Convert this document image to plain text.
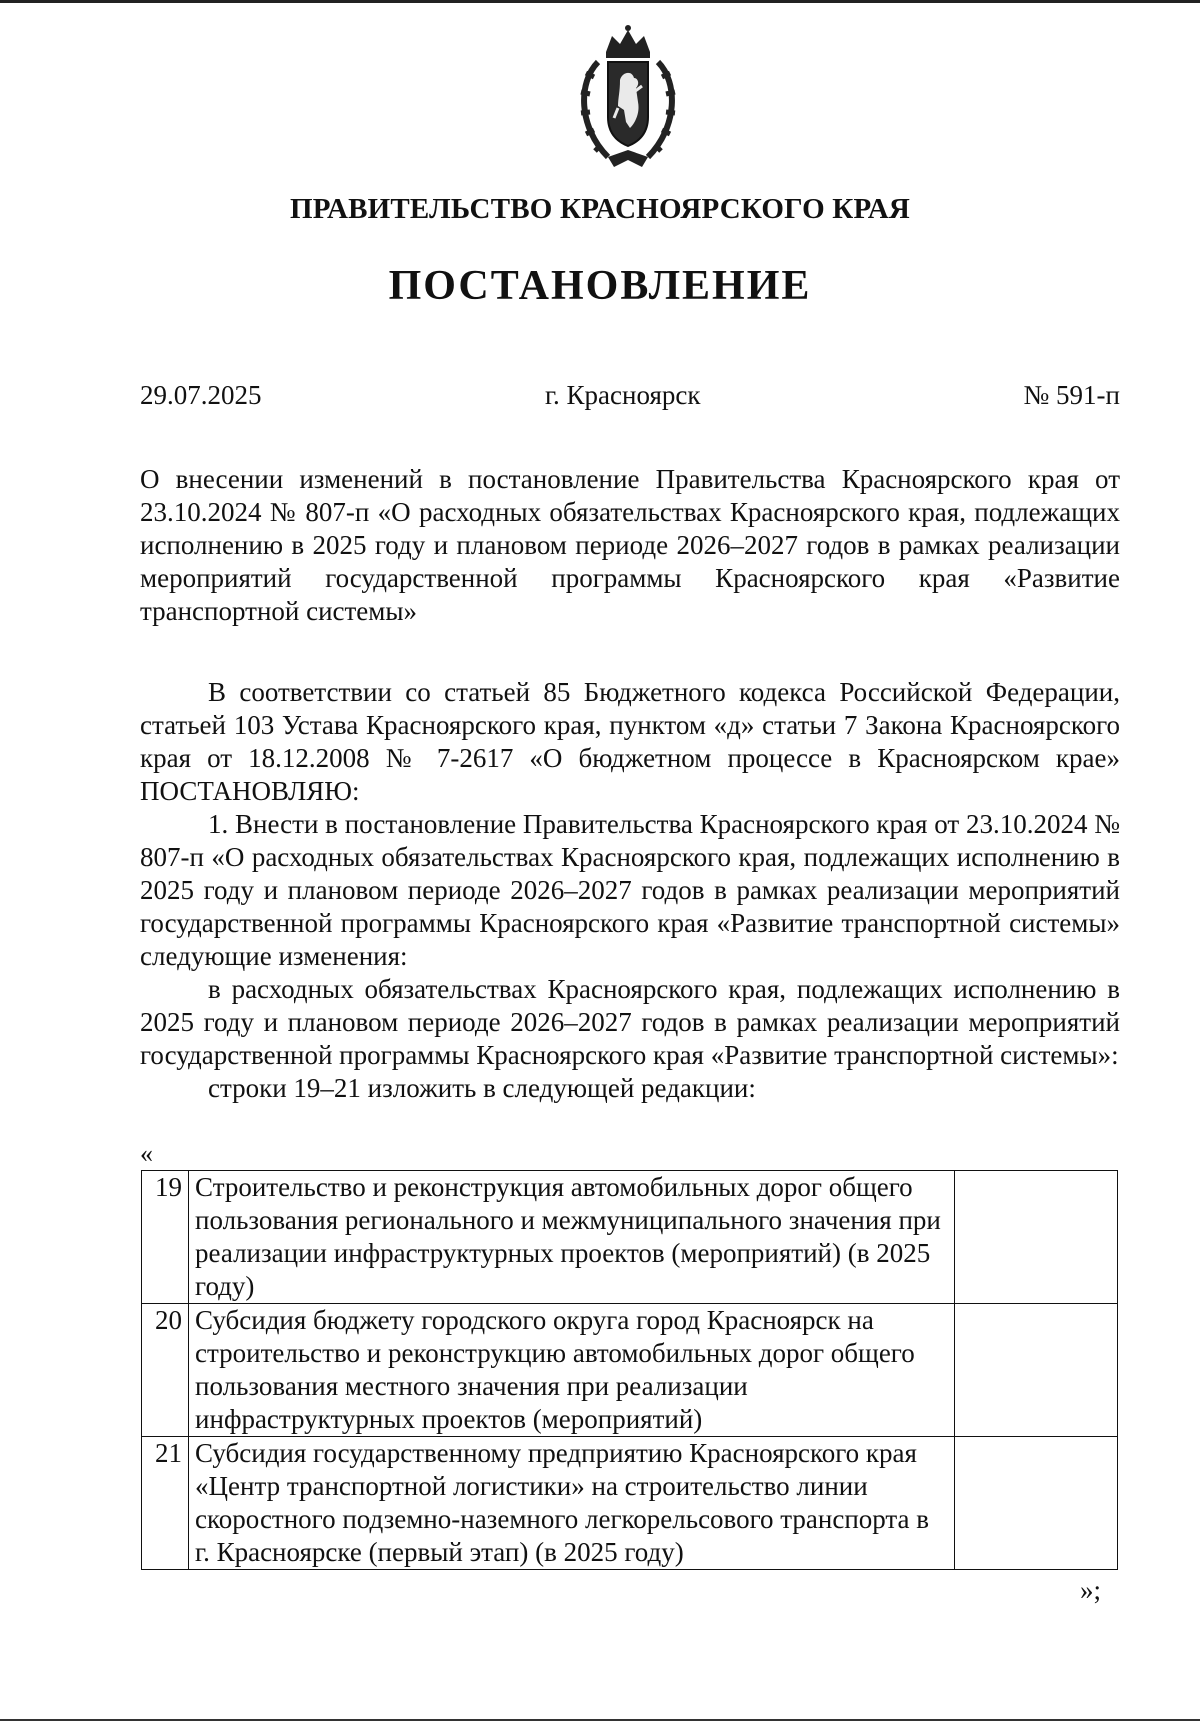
ПРАВИТЕЛЬСТВО КРАСНОЯРСКОГО КРАЯ
ПОСТАНОВЛЕНИЕ
29.07.2025	г. Красноярск	№ 591-п
О внесении изменений в постановление Правительства Красноярского края от 23.10.2024 № 807-п «О расходных обязательствах Красноярского края, подлежащих исполнению в 2025 году и плановом периоде 2026–2027 годов в рамках реализации мероприятий государственной программы Красноярского края «Развитие транспортной системы»

В соответствии со статьей 85 Бюджетного кодекса Российской Федерации, статьей 103 Устава Красноярского края, пунктом «д» статьи 7 Закона Красноярского края от 18.12.2008 № 7-2617 «О бюджетном процессе в Красноярском крае» ПОСТАНОВЛЯЮ:

1. Внести в постановление Правительства Красноярского края от 23.10.2024 № 807-п «О расходных обязательствах Красноярского края, подлежащих исполнению в 2025 году и плановом периоде 2026–2027 годов в рамках реализации мероприятий государственной программы Красноярского края «Развитие транспортной системы» следующие изменения:

в расходных обязательствах Красноярского края, подлежащих исполнению в 2025 году и плановом периоде 2026–2027 годов в рамках реализации мероприятий государственной программы Красноярского края «Развитие транспортной системы»:

строки 19–21 изложить в следующей редакции:

«
19	Строительство и реконструкция автомобильных дорог общего пользования регионального и межмуниципального значения при реализации инфраструктурных проектов (мероприятий) (в 2025 году)	
20	Субсидия бюджету городского округа город Красноярск на строительство и реконструкцию автомобильных дорог общего пользования местного значения при реализации инфраструктурных проектов (мероприятий)	
21	Субсидия государственному предприятию Красноярского края «Центр транспортной логистики» на строительство линии скоростного подземно-наземного легкорельсового транспорта в г. Красноярске (первый этап) (в 2025 году)	
»;
